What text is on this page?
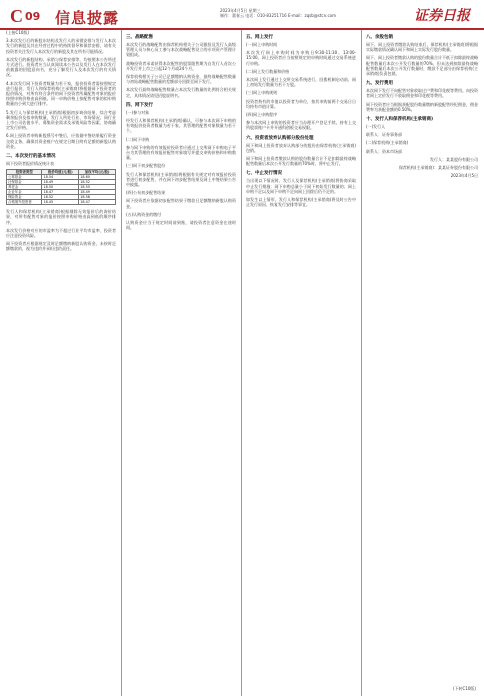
C 09 信息披露	2023年4月5日 星期三
制作：董春云 电话：010-83251716 E-mail：zqsb@stcn.com	证券日报

(上接C10版)

3.本次发行后的新股东结构及发行人的承销安排与发行人本次发行的新股及其在经营过程中的持续督导和保荐安排，请有关投资者关注发行人本次发行的新股及其在所有可能情况。

本次发行的新股结构、承销与保荐安排等，均按照本公告所述方式进行。投资者应当认真阅读本公告以及发行人在本次发行前披露的招股意向书，充分了解发行人及本次发行的有关情况。

4.本次发行网下投资者数量为若干家，报价投资者需按照规定进行报价，发行人和保荐机构(主承销商)将根据网下投资者的报价情况，对所有符合条件的网下投资者所属配售对象的报价按照申购价格由高到低、同一申购价格上按配售对象的拟申购数量由小到大进行排序。

5.发行人与保荐机构(主承销商)根据初步询价结果，综合考虑剩余报价及拟申购数量、发行人所处行业、市场情况、同行业上市公司估值水平、募集资金需求及承销风险等因素，协商确定发行价格。

6.网上投资者申购新股摇号中签后，应依据中签结果履行资金交收义务，确保其资金账户在规定日期日终有足额的新股认购资金。

二、本次发行的基本情况

网下投资者报价情况统计表

投资者类型	报价均值(元/股)	加权平均(元/股)
公募基金	18.54	18.60
社保基金	18.49	18.52
养老金	18.50	18.55
企业年金	18.47	18.49
保险资金	18.52	18.58
合格境外投资者	18.45	18.47

发行人和保荐机构(主承销商)根据剔除无效报价后的询价结果，对所有配售对象的报价按照申购价格由高到低的顺序排序。

本次发行价格对应的市盈率为不超过行业平均市盈率，投资者应注意投资风险。

网下投资者应根据规定及时足额缴纳新股认购资金，未按时足额缴款的，视为违约并承担违约责任。

三、战略配售

本次发行的战略配售由保荐机构相关子公司跟投及发行人高级管理人员与核心员工参与本次战略配售设立的专项资产管理计划组成。

战略投资者承诺获得本次配售的股票限售期为自发行人首次公开发行并上市之日起12个月或24个月。

保荐机构相关子公司已足额缴纳认购资金，最终战略配售数量与初始战略配售数量的差额部分回拨至网下发行。

本次发行最终战略配售数量占本次发行数量的比例符合相关规定，具体情况请见招股说明书。

四、网下发行

(一)参与对象

经发行人和保荐机构(主承销商)确认，可参与本次网下申购的有效报价投资者数量为若干家，其管理的配售对象数量为若干个。

(二)网下申购

参与网下申购的有效报价投资者应通过上交所网下申购电子平台为其管理的有效报价配售对象填写并提交申购价格和申购数量。

(三)网下初步配售股份

发行人和保荐机构(主承销商)将根据有关规定对有效报价投资者进行初步配售，并在网下初步配售结果及网上中签结果公告中披露。

(四)公布初步配售结果

网下投资者应依据初步配售结果于缴款日足额缴纳新股认购资金。

(五)认购资金的缴付

认购资金应当于规定时间前到账，请投资者注意资金在途时间。

五、网上发行

(一)网上申购时间

本次发行网上申购时间为申购日9:30-11:30、13:00-15:00。网上投资者应当按照规定的申购时间通过交易系统进行申购。

(二)网上发行数量和价格

本次网上发行通过上交所交易系统进行，回拨机制启动前，网上初始发行数量为若干万股。

(三)网上申购规则

投资者持有的市值以投资者为单位，按其申购前两个交易日日均持有市值计算。

(四)网上申购程序

参与本次网上申购的投资者应当办理开户登记手续，持有上交所股票账户卡并开通科创板交易权限。

六、投资者放弃认购部分股份处理

网下和网上投资者放弃认购部分的股份由保荐机构(主承销商)包销。

网下和网上投资者缴款认购的股份数量合计不足扣除最终战略配售数量后本次公开发行数量的70%时，将中止发行。

七、中止发行情况

当出现以下情况时，发行人及保荐机构(主承销商)将协商采取中止发行措施：网下申购总量小于网下初始发行数量的；网上申购不足以及网下申购不足向网上回拨后仍不足的。

如发生以上情形，发行人和保荐机构(主承销商)将及时公告中止发行原因、恢复发行安排等事宜。

八、余股包销

网下、网上投资者缴款认购结束后，保荐机构(主承销商)将根据实际缴款情况确认网下和网上实际发行股份数量。

网下、网上投资者缴款认购的股份数量合计不低于扣除最终战略配售数量后本次公开发行数量的70%，但未达到扣除最终战略配售数量后本次公开发行数量时，缴款不足部分由保荐机构(主承销商)负责包销。

九、发行费用

本次网下发行不向配售对象收取过户费和印花税等费用。向投资者网上定价发行不收取佣金和印花税等费用。

网下投资者应当根据获配股份数量缴纳新股配售经纪佣金，佣金费率为获配金额的0.50%。

十、发行人和保荐机构(主承销商)

(一)发行人

联系人：证券事务部

(二)保荐机构(主承销商)

联系人：资本市场部

发行人：某某股份有限公司

保荐机构(主承销商)：某某证券股份有限公司

2023年4月5日

(下转C10版)
